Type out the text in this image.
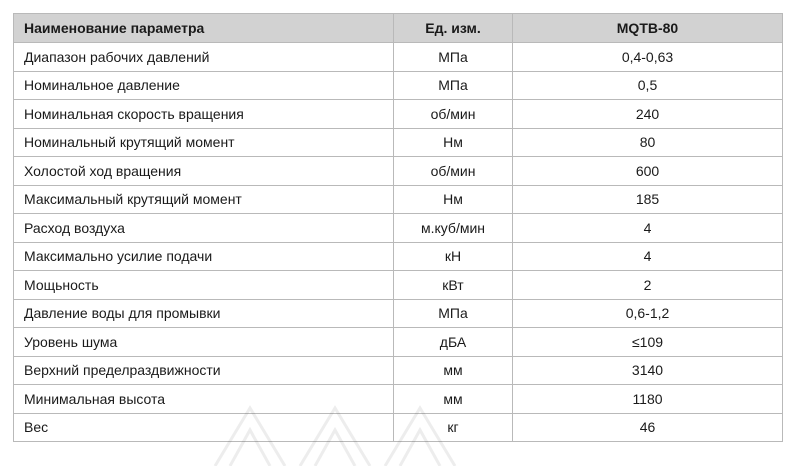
Наименование параметра	Ед. изм.	MQTB-80
Диапазон рабочих давлений	МПа	0,4-0,63
Номинальное давление	МПа	0,5
Номинальная скорость вращения	об/мин	240
Номинальный крутящий момент	Нм	80
Холостой ход вращения	об/мин	600
Максимальный крутящий момент	Нм	185
Расход воздуха	м.куб/мин	4
Максимально усилие подачи	кН	4
Мощьность	кВт	2
Давление воды для промывки	МПа	0,6-1,2
Уровень шума	дБА	≤109
Верхний пределраздвижности	мм	3140
Минимальная высота	мм	1180
Вес	кг	46
